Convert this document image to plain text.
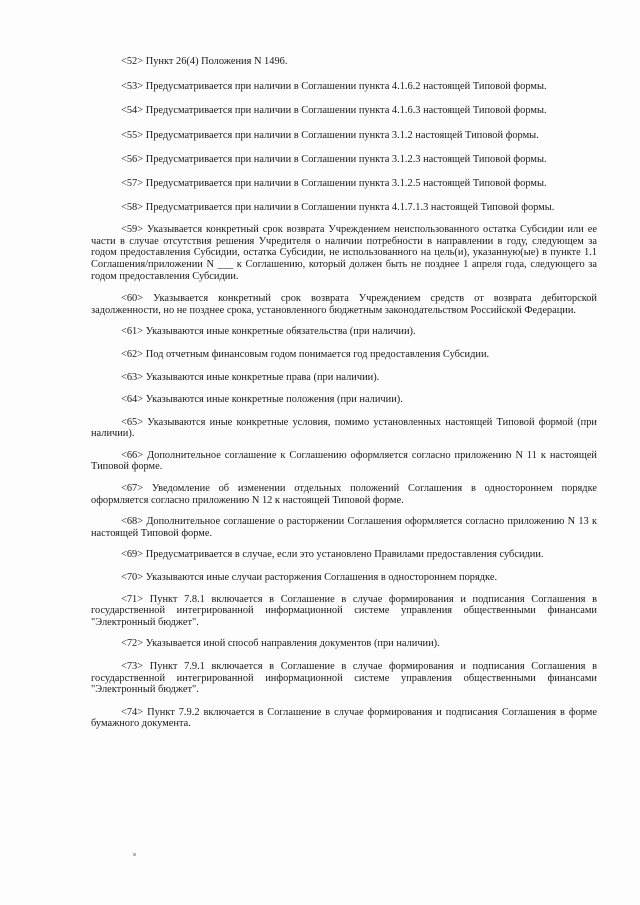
<52> Пункт 26(4) Положения N 1496.

<53> Предусматривается при наличии в Соглашении пункта 4.1.6.2 настоящей Типовой формы.

<54> Предусматривается при наличии в Соглашении пункта 4.1.6.3 настоящей Типовой формы.

<55> Предусматривается при наличии в Соглашении пункта 3.1.2 настоящей Типовой формы.

<56> Предусматривается при наличии в Соглашении пункта 3.1.2.3 настоящей Типовой формы.

<57> Предусматривается при наличии в Соглашении пункта 3.1.2.5 настоящей Типовой формы.

<58> Предусматривается при наличии в Соглашении пункта 4.1.7.1.3 настоящей Типовой формы.

<59> Указывается конкретный срок возврата Учреждением неиспользованного остатка Субсидии или ее части в случае отсутствия решения Учредителя о наличии потребности в направлении в году, следующем за годом предоставления Субсидии, остатка Субсидии, не использованного на цель(и), указанную(ые) в пункте 1.1 Соглашения/приложении N ___ к Соглашению, который должен быть не позднее 1 апреля года, следующего за годом предоставления Субсидии.

<60> Указывается конкретный срок возврата Учреждением средств от возврата дебиторской задолженности, но не позднее срока, установленного бюджетным законодательством Российской Федерации.

<61> Указываются иные конкретные обязательства (при наличии).

<62> Под отчетным финансовым годом понимается год предоставления Субсидии.

<63> Указываются иные конкретные права (при наличии).

<64> Указываются иные конкретные положения (при наличии).

<65> Указываются иные конкретные условия, помимо установленных настоящей Типовой формой (при наличии).

<66> Дополнительное соглашение к Соглашению оформляется согласно приложению N 11 к настоящей Типовой форме.

<67> Уведомление об изменении отдельных положений Соглашения в одностороннем порядке оформляется согласно приложению N 12 к настоящей Типовой форме.

<68> Дополнительное соглашение о расторжении Соглашения оформляется согласно приложению N 13 к настоящей Типовой форме.

<69> Предусматривается в случае, если это установлено Правилами предоставления субсидии.

<70> Указываются иные случаи расторжения Соглашения в одностороннем порядке.

<71> Пункт 7.8.1 включается в Соглашение в случае формирования и подписания Соглашения в государственной интегрированной информационной системе управления общественными финансами "Электронный бюджет".

<72> Указывается иной способ направления документов (при наличии).

<73> Пункт 7.9.1 включается в Соглашение в случае формирования и подписания Соглашения в государственной интегрированной информационной системе управления общественными финансами "Электронный бюджет".

<74> Пункт 7.9.2 включается в Соглашение в случае формирования и подписания Соглашения в форме бумажного документа.
